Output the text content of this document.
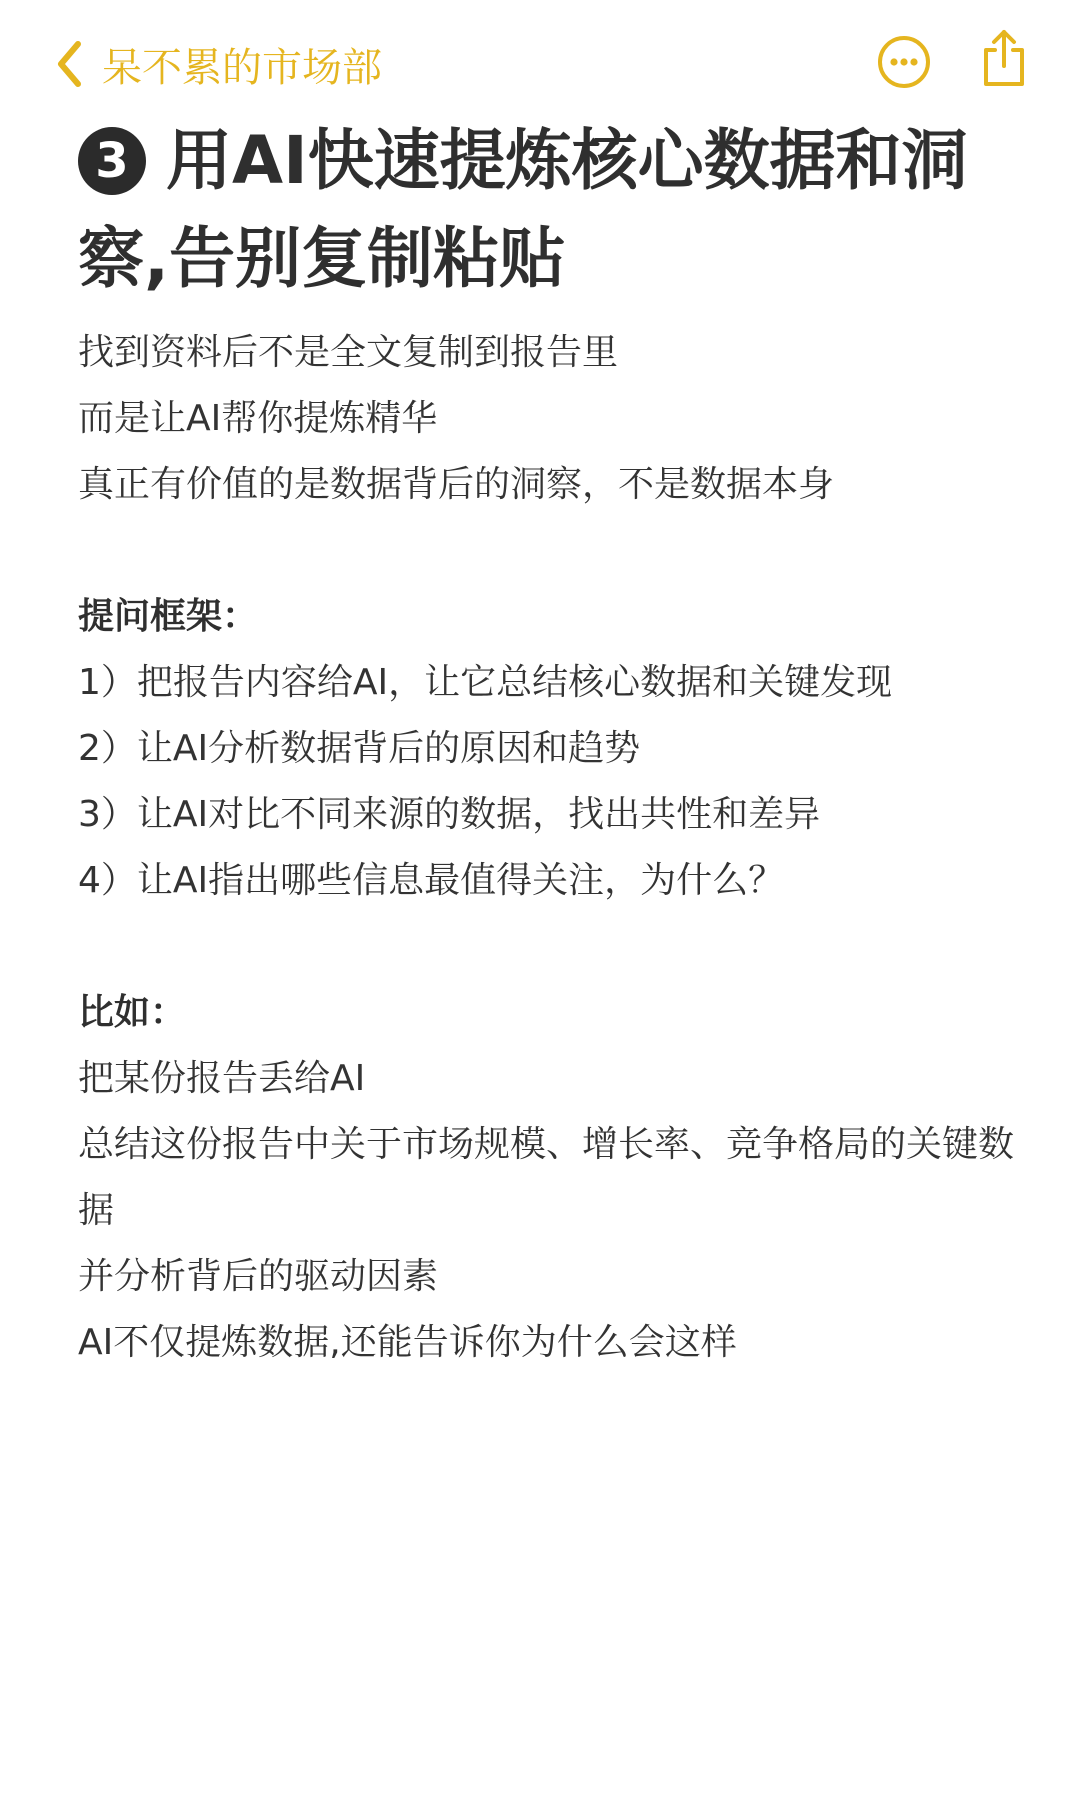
呆不累的市场部
3 用AI快速提炼核心数据和洞察,告别复制粘贴
找到资料后不是全文复制到报告里
而是让AI帮你提炼精华
真正有价值的是数据背后的洞察，不是数据本身
提问框架：
1）把报告内容给AI，让它总结核心数据和关键发现
2）让AI分析数据背后的原因和趋势
3）让AI对比不同来源的数据，找出共性和差异
4）让AI指出哪些信息最值得关注，为什么？
比如：
把某份报告丢给AI
总结这份报告中关于市场规模、增长率、竞争格局的关键数据
并分析背后的驱动因素
AI不仅提炼数据,还能告诉你为什么会这样
